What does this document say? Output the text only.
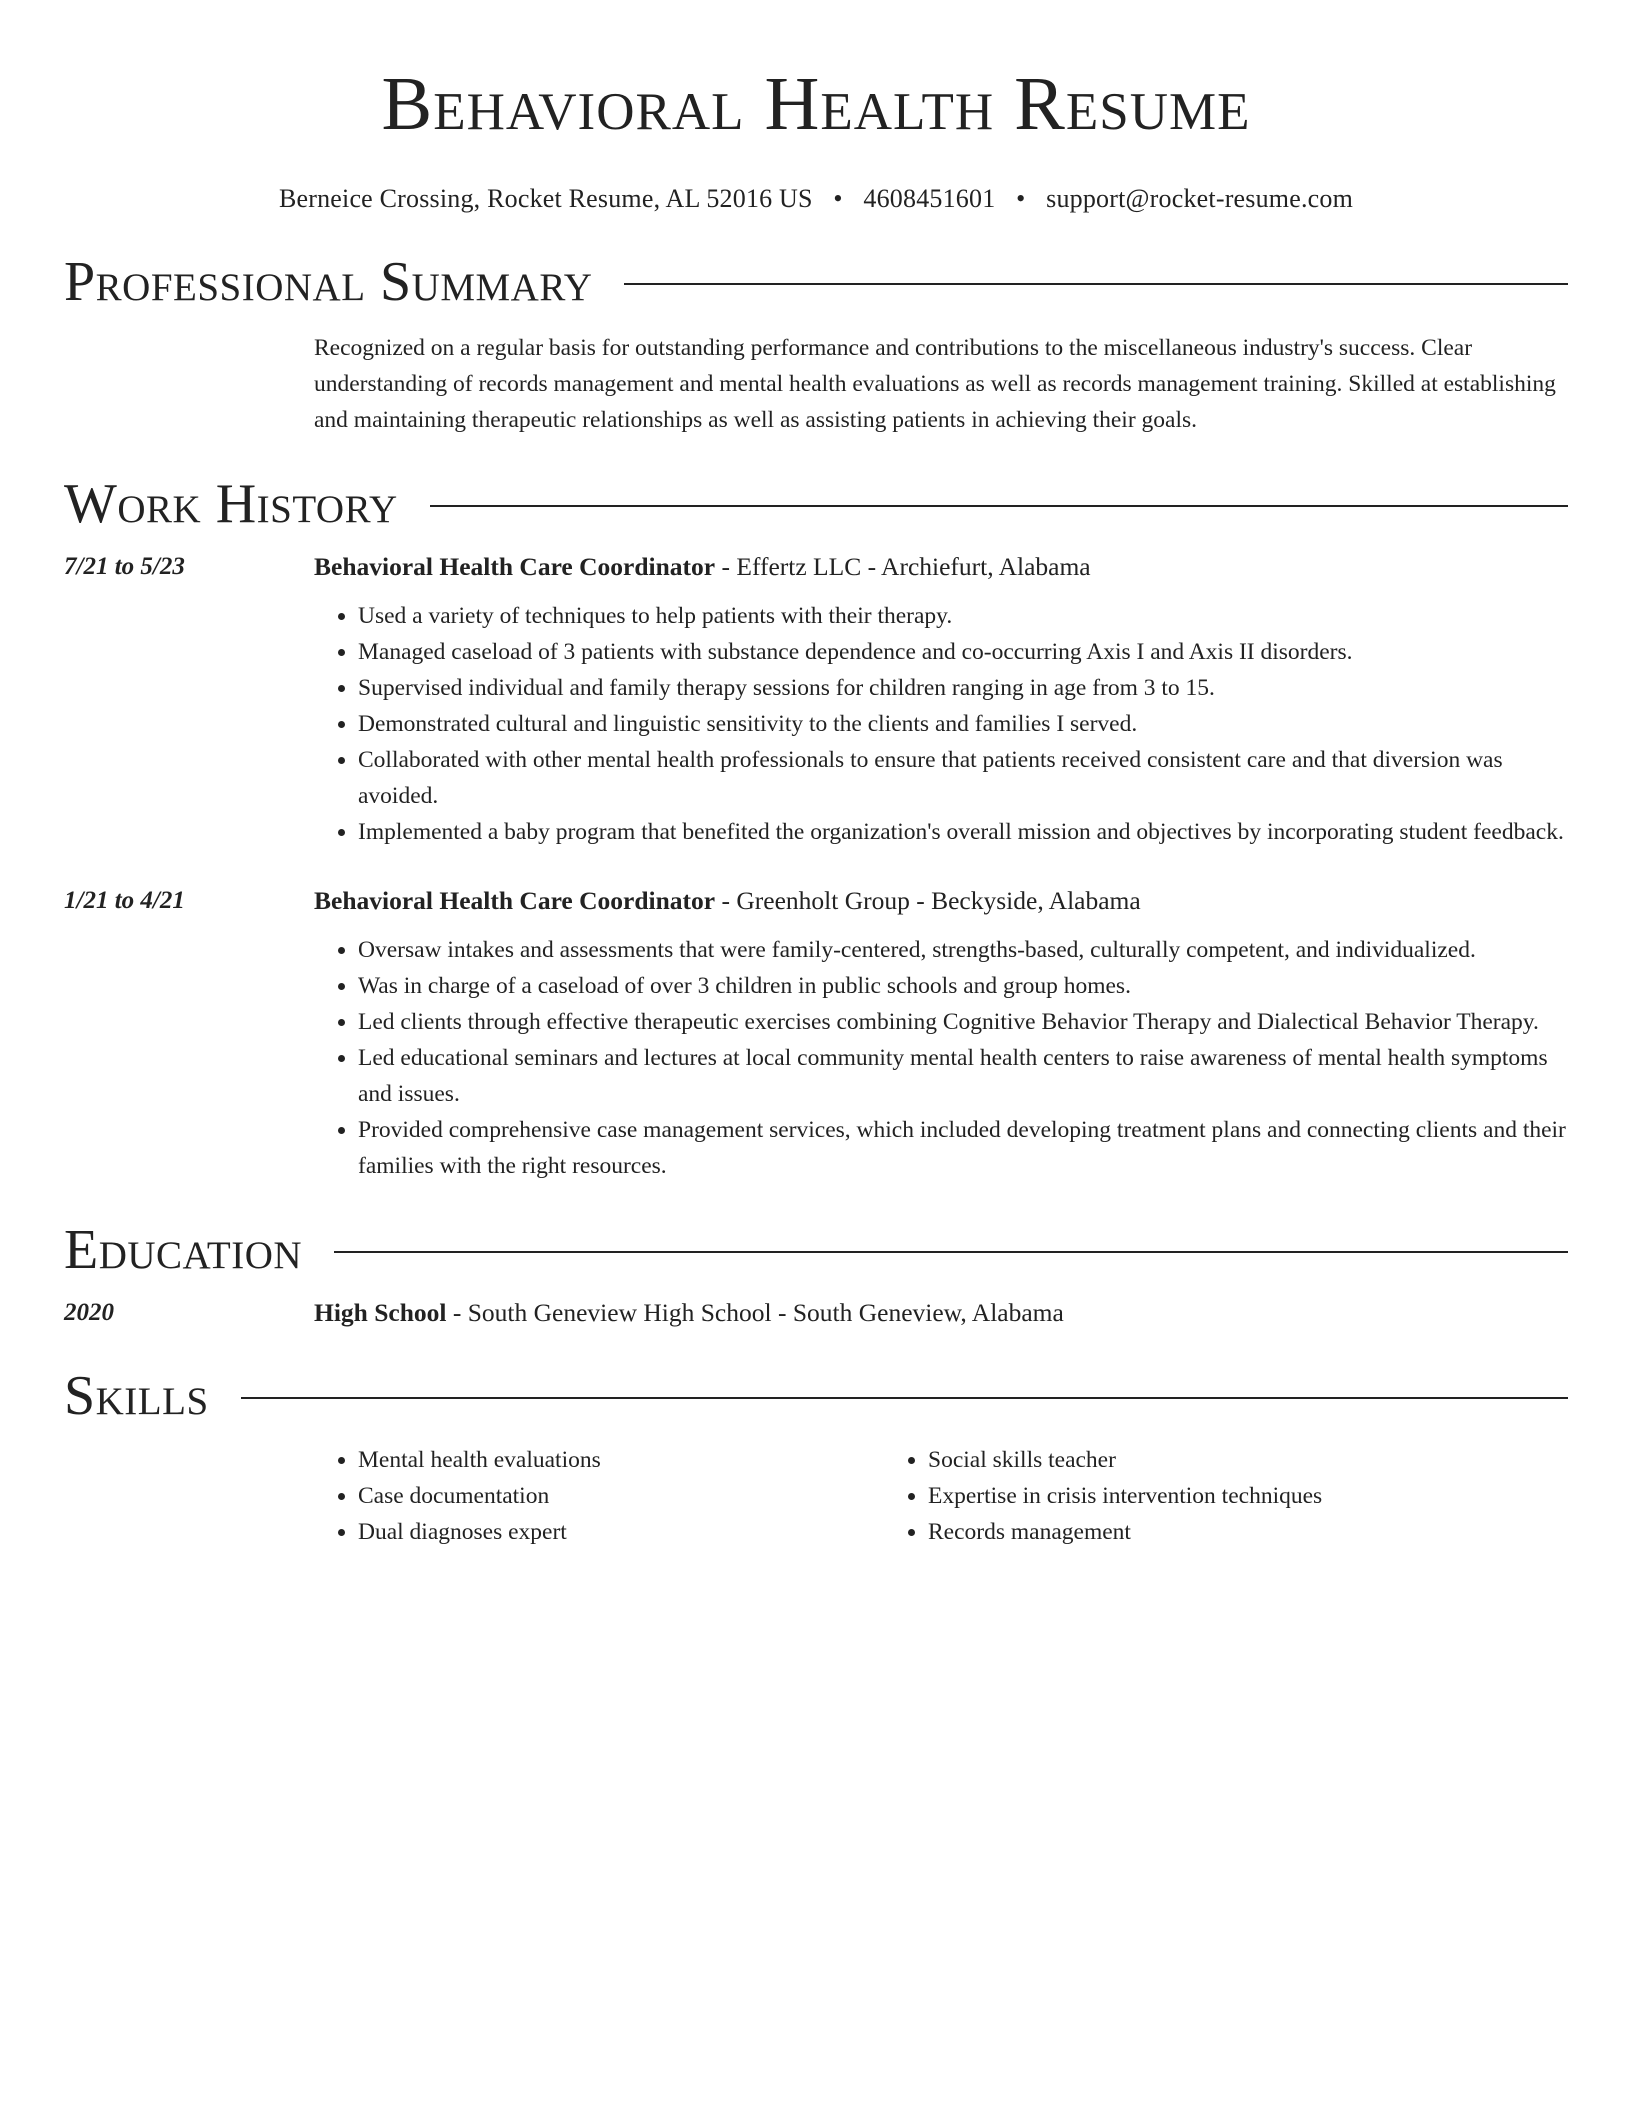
Behavioral Health Resume
Berneice Crossing, Rocket Resume, AL 52016 US • 4608451601 • support@rocket-resume.com
Professional Summary
Recognized on a regular basis for outstanding performance and contributions to the miscellaneous industry's success. Clear understanding of records management and mental health evaluations as well as records management training. Skilled at establishing and maintaining therapeutic relationships as well as assisting patients in achieving their goals.
Work History
7/21 to 5/23	Behavioral Health Care Coordinator - Effertz LLC - Archiefurt, Alabama
• Used a variety of techniques to help patients with their therapy.
• Managed caseload of 3 patients with substance dependence and co-occurring Axis I and Axis II disorders.
• Supervised individual and family therapy sessions for children ranging in age from 3 to 15.
• Demonstrated cultural and linguistic sensitivity to the clients and families I served.
• Collaborated with other mental health professionals to ensure that patients received consistent care and that diversion was avoided.
• Implemented a baby program that benefited the organization's overall mission and objectives by incorporating student feedback.
1/21 to 4/21	Behavioral Health Care Coordinator - Greenholt Group - Beckyside, Alabama
• Oversaw intakes and assessments that were family-centered, strengths-based, culturally competent, and individualized.
• Was in charge of a caseload of over 3 children in public schools and group homes.
• Led clients through effective therapeutic exercises combining Cognitive Behavior Therapy and Dialectical Behavior Therapy.
• Led educational seminars and lectures at local community mental health centers to raise awareness of mental health symptoms and issues.
• Provided comprehensive case management services, which included developing treatment plans and connecting clients and their families with the right resources.
Education
2020	High School - South Geneview High School - South Geneview, Alabama
Skills
• Mental health evaluations
• Case documentation
• Dual diagnoses expert
• Social skills teacher
• Expertise in crisis intervention techniques
• Records management
